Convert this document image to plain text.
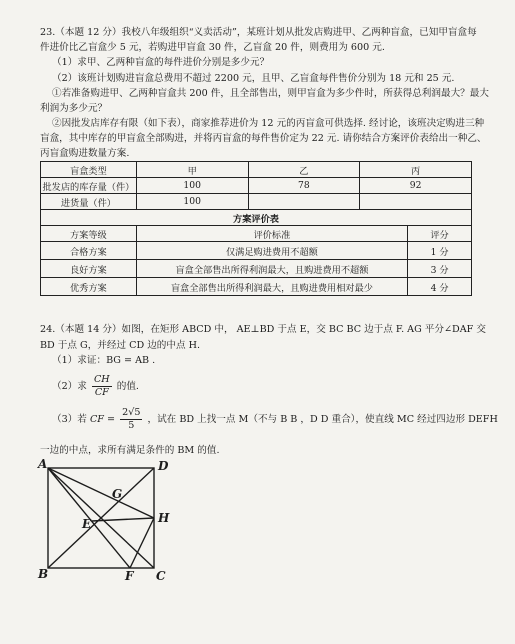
23.（本题 12 分）我校八年级组织“义卖活动”，某班计划从批发店购进甲、乙两种盲盒，已知甲盲盒每
件进价比乙盲盒少 5 元，若购进甲盲盒 30 件，乙盲盒 20 件，则费用为 600 元.
（1）求甲、乙两种盲盒的每件进价分别是多少元？
（2）该班计划购进盲盒总费用不超过 2200 元，且甲、乙盲盒每件售价分别为 18 元和 25 元.
①若准备购进甲、乙两种盲盒共 200 件，且全部售出，则甲盲盒为多少件时，所获得总利润最大？最大
利润为多少元？
②因批发店库存有限（如下表），商家推荐进价为 12 元的丙盲盒可供选择. 经讨论，该班决定购进三种
盲盒，其中库存的甲盲盒全部购进，并将丙盲盒的每件售价定为 22 元. 请你结合方案评价表给出一种乙、
丙盲盒购进数量方案.
盲盒类型	甲	乙	丙
批发店的库存量（件）	100	78	92
进货量（件）	100		
方案评价表		
方案等级	评价标准	评分
合格方案	仅满足购进费用不超额	1 分
良好方案	盲盒全部售出所得利润最大，且购进费用不超额	3 分
优秀方案	盲盒全部售出所得利润最大，且购进费用相对最少	4 分
24.（本题 14 分）如图，在矩形 ABCD 中， AE⊥BD 于点 E，交 BC BC 边于点 F. AG 平分∠DAF 交
BD 于点 G，并经过 CD 边的中点 H.
（1）求证：BG = AB .
（2）求 $\frac{CH}{CF}$ 的值.
（3）若 CF = $\frac{2√5}{5}$ ，试在 BD 上找一点 M（不与 B B ，D D 重合），使直线 MC 经过四边形 DEFH
一边的中点，求所有满足条件的 BM 的值.
A	D
G
E	H
B	F C
